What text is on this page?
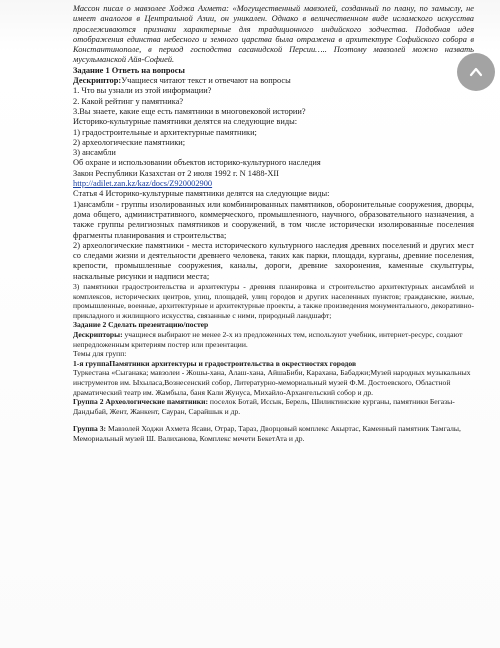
Массон писал о мавзолее Ходжа Ахмета: «Могущественный мавзолей, созданный по плану, по замыслу, не имеет аналогов в Центральной Азии, он уникален. Однако в величественном виде исламского искусства прослеживаются признаки характерные для традиционного индийского зодчества. Подобная идея отображения единства небесного и земного царства была отражена в архитектуре Софийского собора в Константинополе, в период господства сасанидской Персии….. Поэтому мавзолей можно назвать мусульманской Айя-Софией.

Задание 1 Ответь на вопросы

Дескриптор:Учащиеся читают текст и отвечают на вопросы

1. Что вы узнали из этой информации?

2. Какой рейтинг у памятника?

3.Вы знаете, какие еще есть памятники в многовековой истории?

Историко-культурные памятники делятся на следующие виды:

1) градостроительные и архитектурные памятники;

2) археологические памятники;

3) ансамбли

Об охране и использовании объектов историко-культурного наследия

Закон Республики Казахстан от 2 июля 1992 г. N 1488-XII

http://adilet.zan.kz/kaz/docs/Z920002900

Статья 4 Историко-культурные памятники делятся на следующие виды:

1)ансамбли - группы изолированных или комбинированных памятников, оборонительные сооружения, дворцы, дома общего, административного, коммерческого, промышленного, научного, образовательного назначения, а также группы религиозных памятников и сооружений, в том числе исторически изолированные поселения фрагменты планирования и строительства;

2) археологические памятники - места исторического культурного наследия древних поселений и других мест со следами жизни и деятельности древнего человека, таких как парки, площади, курганы, древние поселения, крепости, промышленные сооружения, каналы, дороги, древние захоронения, каменные скульптуры, наскальные рисунки и надписи места;

3) памятники градостроительства и архитектуры - древняя планировка и строительство архитектурных ансамблей и комплексов, исторических центров, улиц, площадей, улиц городов и других населенных пунктов; гражданские, жилые, промышленные, военные, архитектурные и архитектурные проекты, а также произведения монументального, декоративно-прикладного и жилищного искусства, связанные с ними, природный ландшафт;

Задание 2 Сделать презентацию/постер

Дескрипторы: учащиеся выбирают не менее 2-х из предложенных тем, используют учебник, интернет-ресурс, создают непредложенным критериям постер или презентации.

Темы для групп:

1-я группаПамятники архитектуры и градостроительства в окрестностях городов

Туркестана «Сыганака; мавзолеи - Жошы-хана, Алаш-хана, АйшаБиби, Карахана, Бабаджи;Музей народных музыкальных инструментов им. Ыхыласа,Вознесенский собор, Литературно-мемориальный музей Ф.М. Достоевского, Областной драматический театр им. Жамбыла, баня Кали Жунуса, Михайло-Архангельский собор и др.

Группа 2 Археологические памятники: поселок Ботай, Иссык, Берель, Шиликтинские курганы, памятники Бегазы-Дандыбай, Жент, Жанкент, Сауран, Сарайшык и др.

Группа 3: Мавзолей Ходжи Ахмета Ясави, Отрар, Тараз, Дворцовый комплекс Акыртас, Каменный памятник Тамгалы, Мемориальный музей Ш. Валиханова, Комплекс мечети БекетАта и др.
